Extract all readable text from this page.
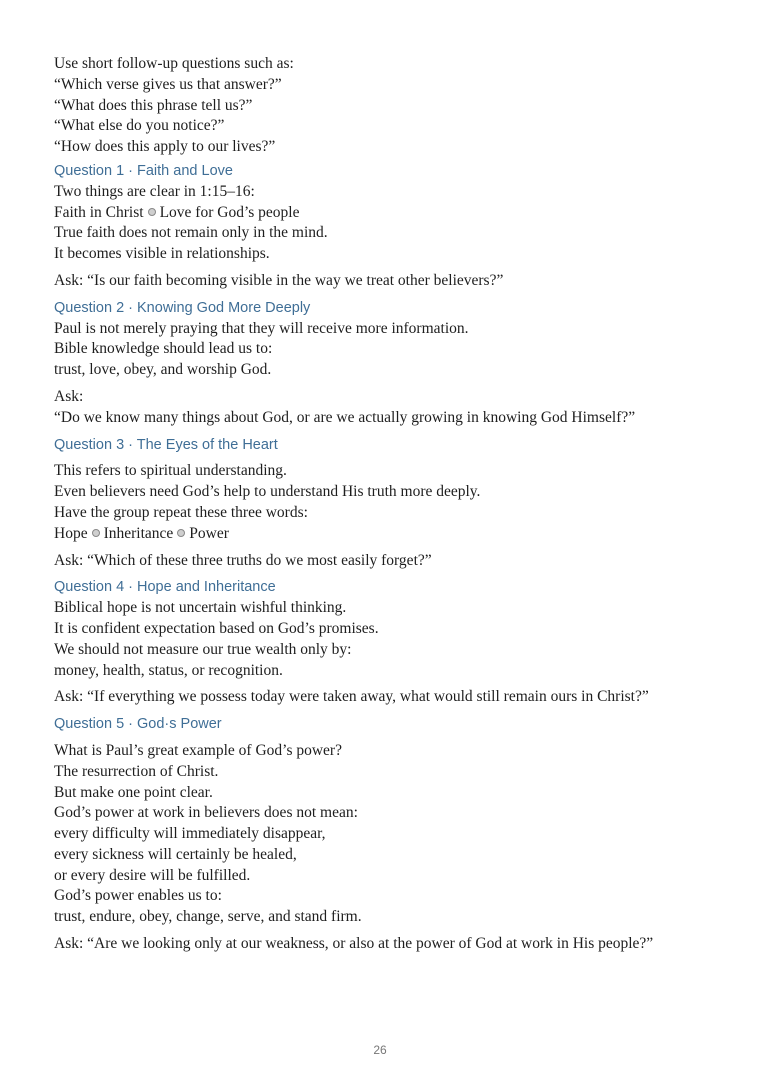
Use short follow-up questions such as:
“Which verse gives us that answer?”
“What does this phrase tell us?”
“What else do you notice?”
“How does this apply to our lives?”
Question 1 · Faith and Love
Two things are clear in 1:15–16:
Faith in Christ Love for God’s people
True faith does not remain only in the mind.
It becomes visible in relationships.
Ask: “Is our faith becoming visible in the way we treat other believers?”
Question 2 · Knowing God More Deeply
Paul is not merely praying that they will receive more information.
Bible knowledge should lead us to:
trust, love, obey, and worship God.
Ask:
“Do we know many things about God, or are we actually growing in knowing God Himself?”
Question 3 · The Eyes of the Heart
This refers to spiritual understanding.
Even believers need God’s help to understand His truth more deeply.
Have the group repeat these three words:
Hope Inheritance Power
Ask: “Which of these three truths do we most easily forget?”
Question 4 · Hope and Inheritance
Biblical hope is not uncertain wishful thinking.
It is confident expectation based on God’s promises.
We should not measure our true wealth only by:
money, health, status, or recognition.
Ask: “If everything we possess today were taken away, what would still remain ours in Christ?”
Question 5 · God·s Power
What is Paul’s great example of God’s power?
The resurrection of Christ.
But make one point clear.
God’s power at work in believers does not mean:
every difficulty will immediately disappear,
every sickness will certainly be healed,
or every desire will be fulfilled.
God’s power enables us to:
trust, endure, obey, change, serve, and stand firm.
Ask: “Are we looking only at our weakness, or also at the power of God at work in His people?”
26
